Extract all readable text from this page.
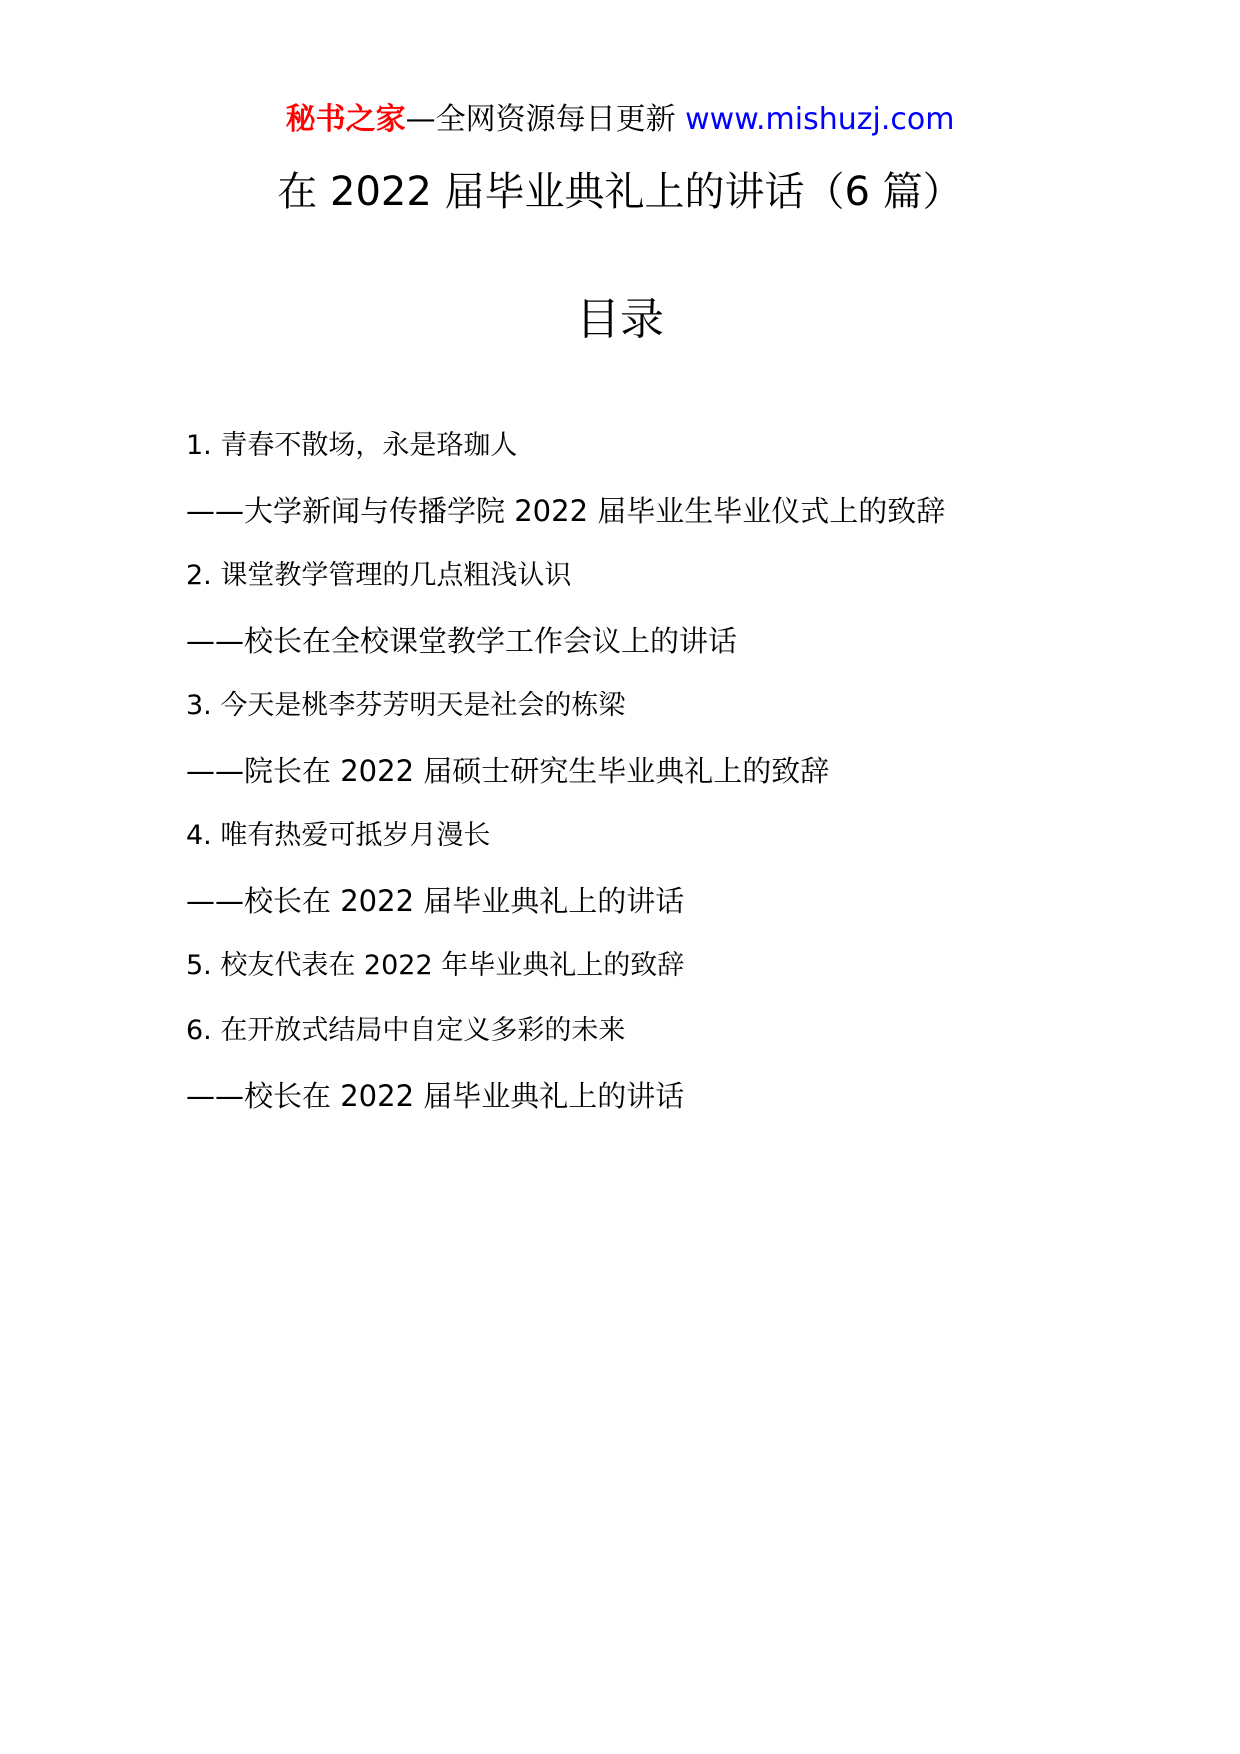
秘书之家—全网资源每日更新 www.mishuzj.com
在 2022 届毕业典礼上的讲话（6 篇）
目录
1. 青春不散场，永是珞珈人
——大学新闻与传播学院 2022 届毕业生毕业仪式上的致辞
2. 课堂教学管理的几点粗浅认识
——校长在全校课堂教学工作会议上的讲话
3. 今天是桃李芬芳明天是社会的栋梁
——院长在 2022 届硕士研究生毕业典礼上的致辞
4. 唯有热爱可抵岁月漫长
——校长在 2022 届毕业典礼上的讲话
5. 校友代表在 2022 年毕业典礼上的致辞
6. 在开放式结局中自定义多彩的未来
——校长在 2022 届毕业典礼上的讲话
